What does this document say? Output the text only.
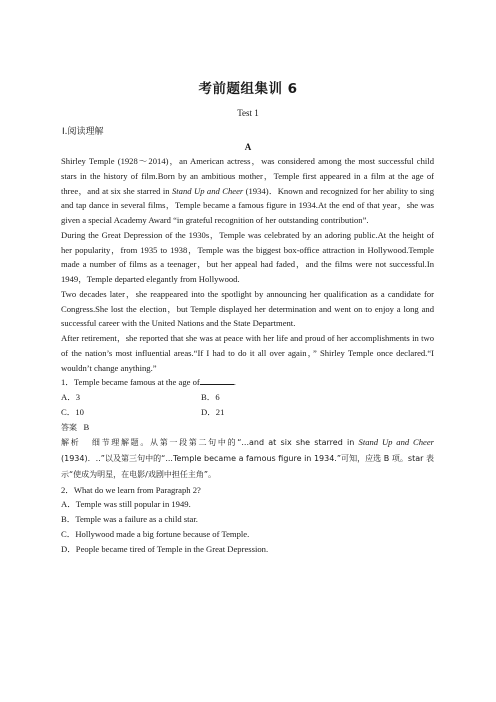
考前题组集训 6
Test 1
Ⅰ.阅读理解
A

Shirley Temple (1928～2014)，an American actress，was considered among the most successful child stars in the history of film.Born by an ambitious mother，Temple first appeared in a film at the age of three，and at six she starred in Stand Up and Cheer (1934)．Known and recognized for her ability to sing and tap dance in several films，Temple became a famous figure in 1934.At the end of that year，she was given a special Academy Award “in grateful recognition of her outstanding contribution”.

During the Great Depression of the 1930s，Temple was celebrated by an adoring public.At the height of her popularity，from 1935 to 1938，Temple was the biggest box-office attraction in Hollywood.Temple made a number of films as a teenager，but her appeal had faded，and the films were not successful.In 1949，Temple departed elegantly from Hollywood.

Two decades later，she reappeared into the spotlight by announcing her qualification as a candidate for Congress.She lost the election，but Temple displayed her determination and went on to enjoy a long and successful career with the United Nations and the State Department.

After retirement，she reported that she was at peace with her life and proud of her accomplishments in two of the nation’s most influential areas.“If I had to do it all over again，” Shirley Temple once declared.“I wouldn’t change anything.”

1．Temple became famous at the age of	.

A．3	B．6
C．10	D．21

答案 B

解析 细节理解题。从第一段第二句中的“...and at six she starred in Stand Up and Cheer (1934)．..”以及第三句中的“...Temple became a famous figure in 1934.”可知，应选 B 项。star 表示“使成为明星，在电影/戏剧中担任主角”。

2．What do we learn from Paragraph 2?

A．Temple was still popular in 1949.

B．Temple was a failure as a child star.

C．Hollywood made a big fortune because of Temple.

D．People became tired of Temple in the Great Depression.
